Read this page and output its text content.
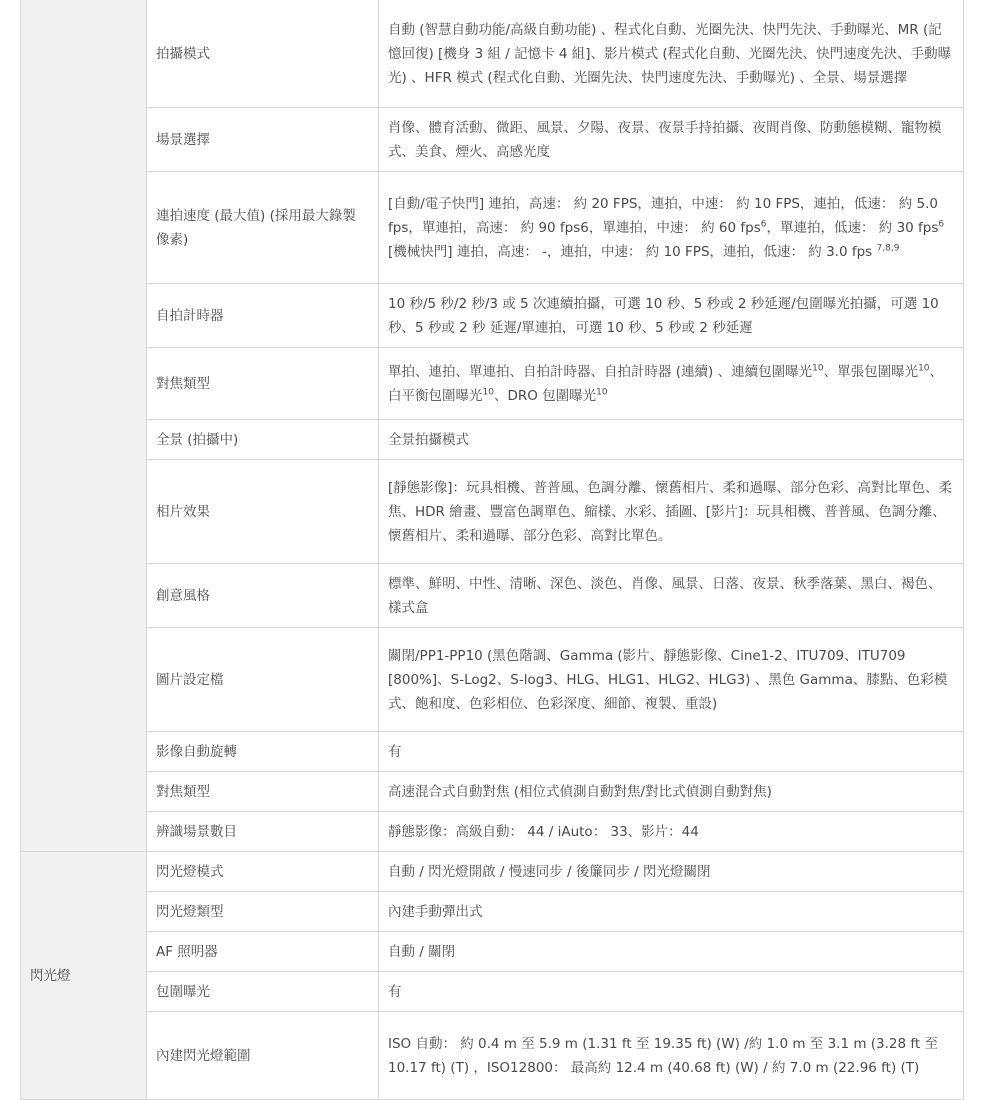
	拍攝模式	自動 (智慧自動功能/高級自動功能) 、程式化自動、光圈先決、快門先決、手動曝光、MR (記憶回復) [機身 3 組 / 記憶卡 4 組]、影片模式 (程式化自動、光圈先決、快門速度先決、手動曝光) 、HFR 模式 (程式化自動、光圈先決、快門速度先決、手動曝光) 、全景、場景選擇
	場景選擇	肖像、體育活動、微距、風景、夕陽、夜景、夜景手持拍攝、夜間肖像、防動態模糊、寵物模式、美食、煙火、高感光度
	連拍速度 (最大值) (採用最大錄製像素)	[自動/電子快門] 連拍，高速： 約 20 FPS，連拍，中速： 約 10 FPS，連拍，低速： 約 5.0 fps，單連拍，高速： 約 90 fps6，單連拍，中速： 約 60 fps$^6$，單連拍，低速： 約 30 fps$^6$ [機械快門] 連拍，高速： -，連拍，中速： 約 10 FPS，連拍，低速： 約 3.0 fps $^{7,8,9}$
	自拍計時器	10 秒/5 秒/2 秒/3 或 5 次連續拍攝，可選 10 秒、5 秒或 2 秒延遲/包圍曝光拍攝，可選 10 秒、5 秒或 2 秒 延遲/單連拍，可選 10 秒、5 秒或 2 秒延遲
	對焦類型	單拍、連拍、單連拍、自拍計時器、自拍計時器 (連續) 、連續包圍曝光$^{10}$、單張包圍曝光$^{10}$、白平衡包圍曝光$^{10}$、DRO 包圍曝光$^{10}$
	全景 (拍攝中)	全景拍攝模式
	相片效果	[靜態影像]：玩具相機、普普風、色調分離、懷舊相片、柔和過曝、部分色彩、高對比單色、柔焦、HDR 繪畫、豐富色調單色、縮樣、水彩、插圖、[影片]：玩具相機、普普風、色調分離、懷舊相片、柔和過曝、部分色彩、高對比單色。
	創意風格	標準、鮮明、中性、清晰、深色、淡色、肖像、風景、日落、夜景、秋季落葉、黑白、褐色、樣式盒
	圖片設定檔	關閉/PP1-PP10 (黑色階調、Gamma (影片、靜態影像、Cine1-2、ITU709、ITU709 [800%]、S-Log2、S-log3、HLG、HLG1、HLG2、HLG3) 、黑色 Gamma、膝點、色彩模式、飽和度、色彩相位、色彩深度、細節、複製、重設)
	影像自動旋轉	有
	對焦類型	高速混合式自動對焦 (相位式偵測自動對焦/對比式偵測自動對焦)
	辨識場景數目	靜態影像：高級自動： 44 / iAuto： 33、影片：44
閃光燈	閃光燈模式	自動 / 閃光燈開啟 / 慢速同步 / 後簾同步 / 閃光燈關閉
	閃光燈類型	內建手動彈出式
	AF 照明器	自動 / 關閉
	包圍曝光	有
	內建閃光燈範圍	ISO 自動： 約 0.4 m 至 5.9 m (1.31 ft 至 19.35 ft) (W) /約 1.0 m 至 3.1 m (3.28 ft 至 10.17 ft) (T) ，ISO12800： 最高約 12.4 m (40.68 ft) (W) / 約 7.0 m (22.96 ft) (T)
